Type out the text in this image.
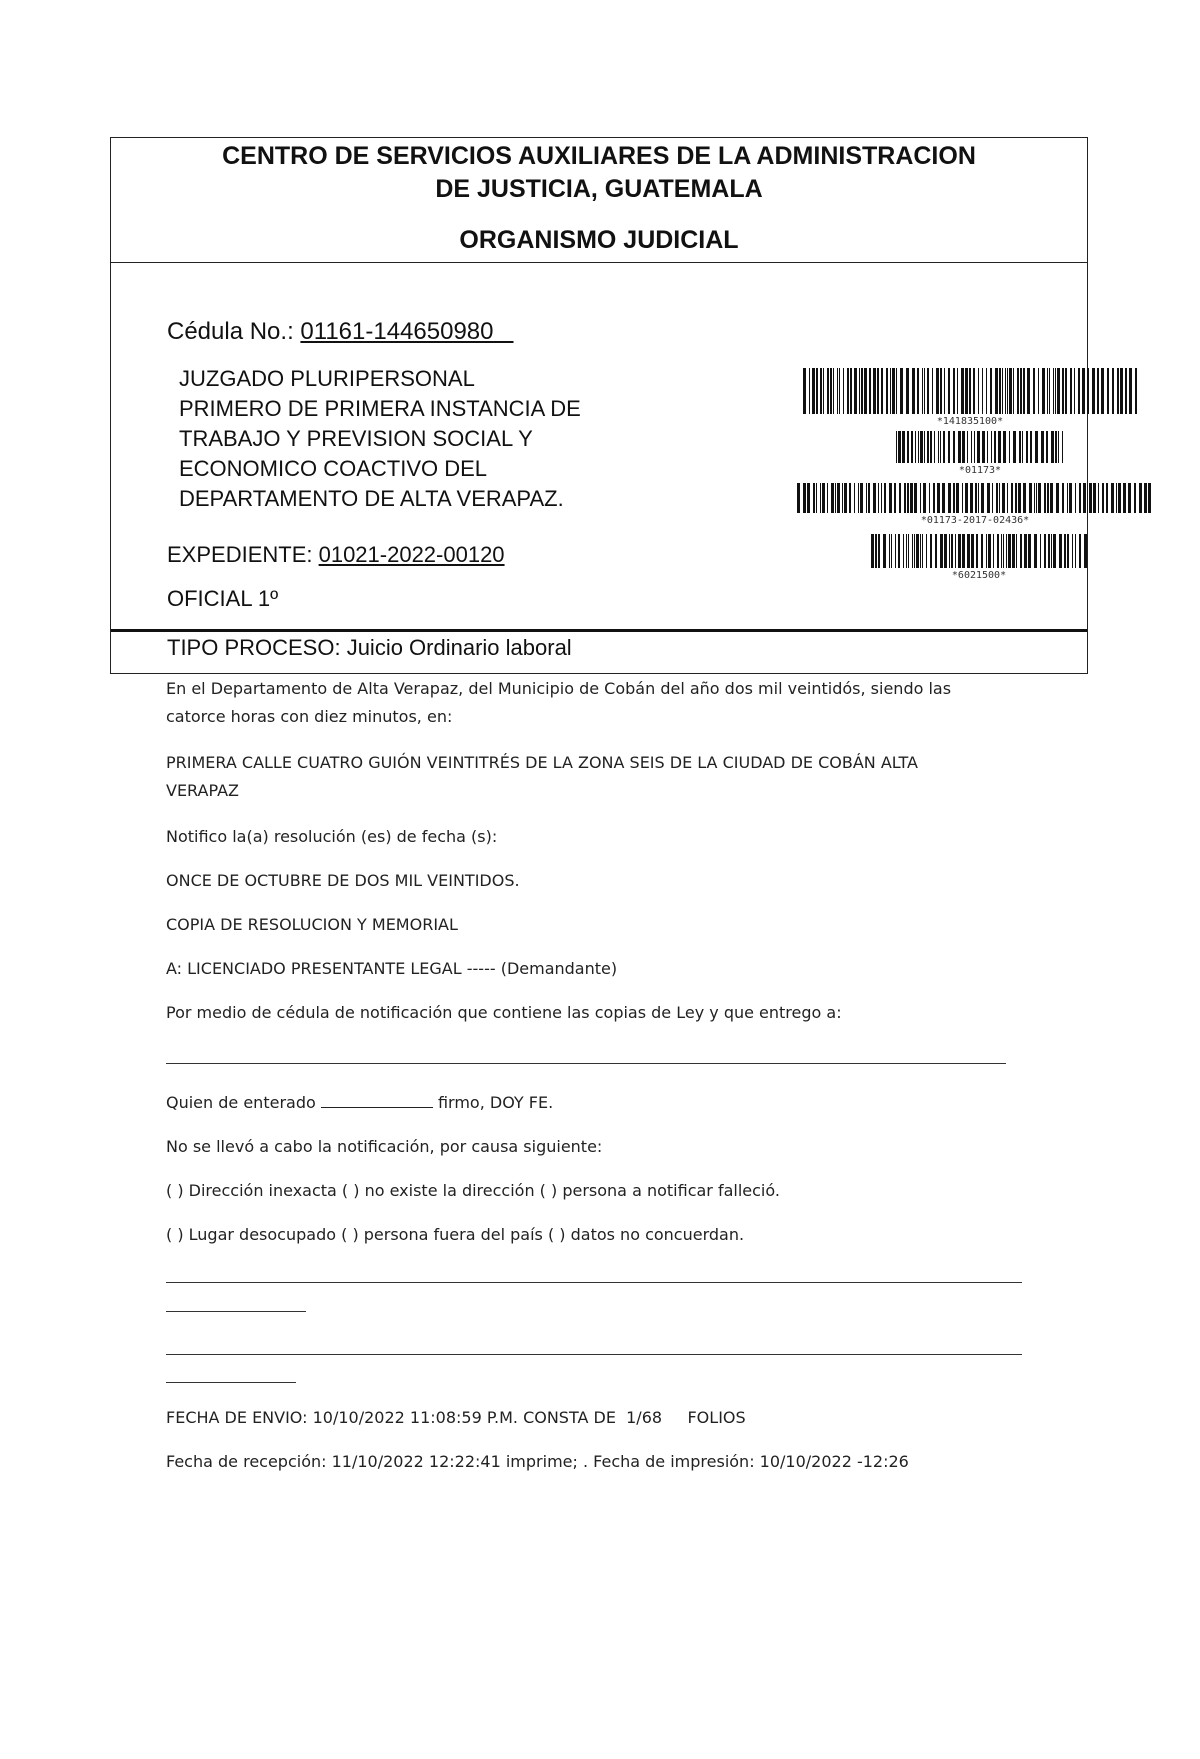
CENTRO DE SERVICIOS AUXILIARES DE LA ADMINISTRACION
DE JUSTICIA, GUATEMALA
ORGANISMO JUDICIAL
Cédula No.: 01161-144650980
JUZGADO PLURIPERSONAL
PRIMERO DE PRIMERA INSTANCIA DE
TRABAJO Y PREVISION SOCIAL Y
ECONOMICO COACTIVO DEL
DEPARTAMENTO DE ALTA VERAPAZ.
EXPEDIENTE: 01021-2022-00120
OFICIAL 1º
*141835100*
*01173*
*01173-2017-02436*
*6021500*
TIPO PROCESO: Juicio Ordinario laboral
En el Departamento de Alta Verapaz, del Municipio de Cobán del año dos mil veintidós, siendo las
catorce horas con diez minutos, en:
PRIMERA CALLE CUATRO GUIÓN VEINTITRÉS DE LA ZONA SEIS DE LA CIUDAD DE COBÁN ALTA
VERAPAZ
Notifico la(a) resolución (es) de fecha (s):
ONCE DE OCTUBRE DE DOS MIL VEINTIDOS.
COPIA DE RESOLUCION Y MEMORIAL
A: LICENCIADO PRESENTANTE LEGAL ----- (Demandante)
Por medio de cédula de notificación que contiene las copias de Ley y que entrego a:
Quien de enterado	firmo, DOY FE.
No se llevó a cabo la notificación, por causa siguiente:
( ) Dirección inexacta ( ) no existe la dirección ( ) persona a notificar falleció.
( ) Lugar desocupado ( ) persona fuera del país ( ) datos no concuerdan.
FECHA DE ENVIO: 10/10/2022 11:08:59 P.M. CONSTA DE  1/68     FOLIOS
Fecha de recepción: 11/10/2022 12:22:41 imprime; . Fecha de impresión: 10/10/2022 -12:26
